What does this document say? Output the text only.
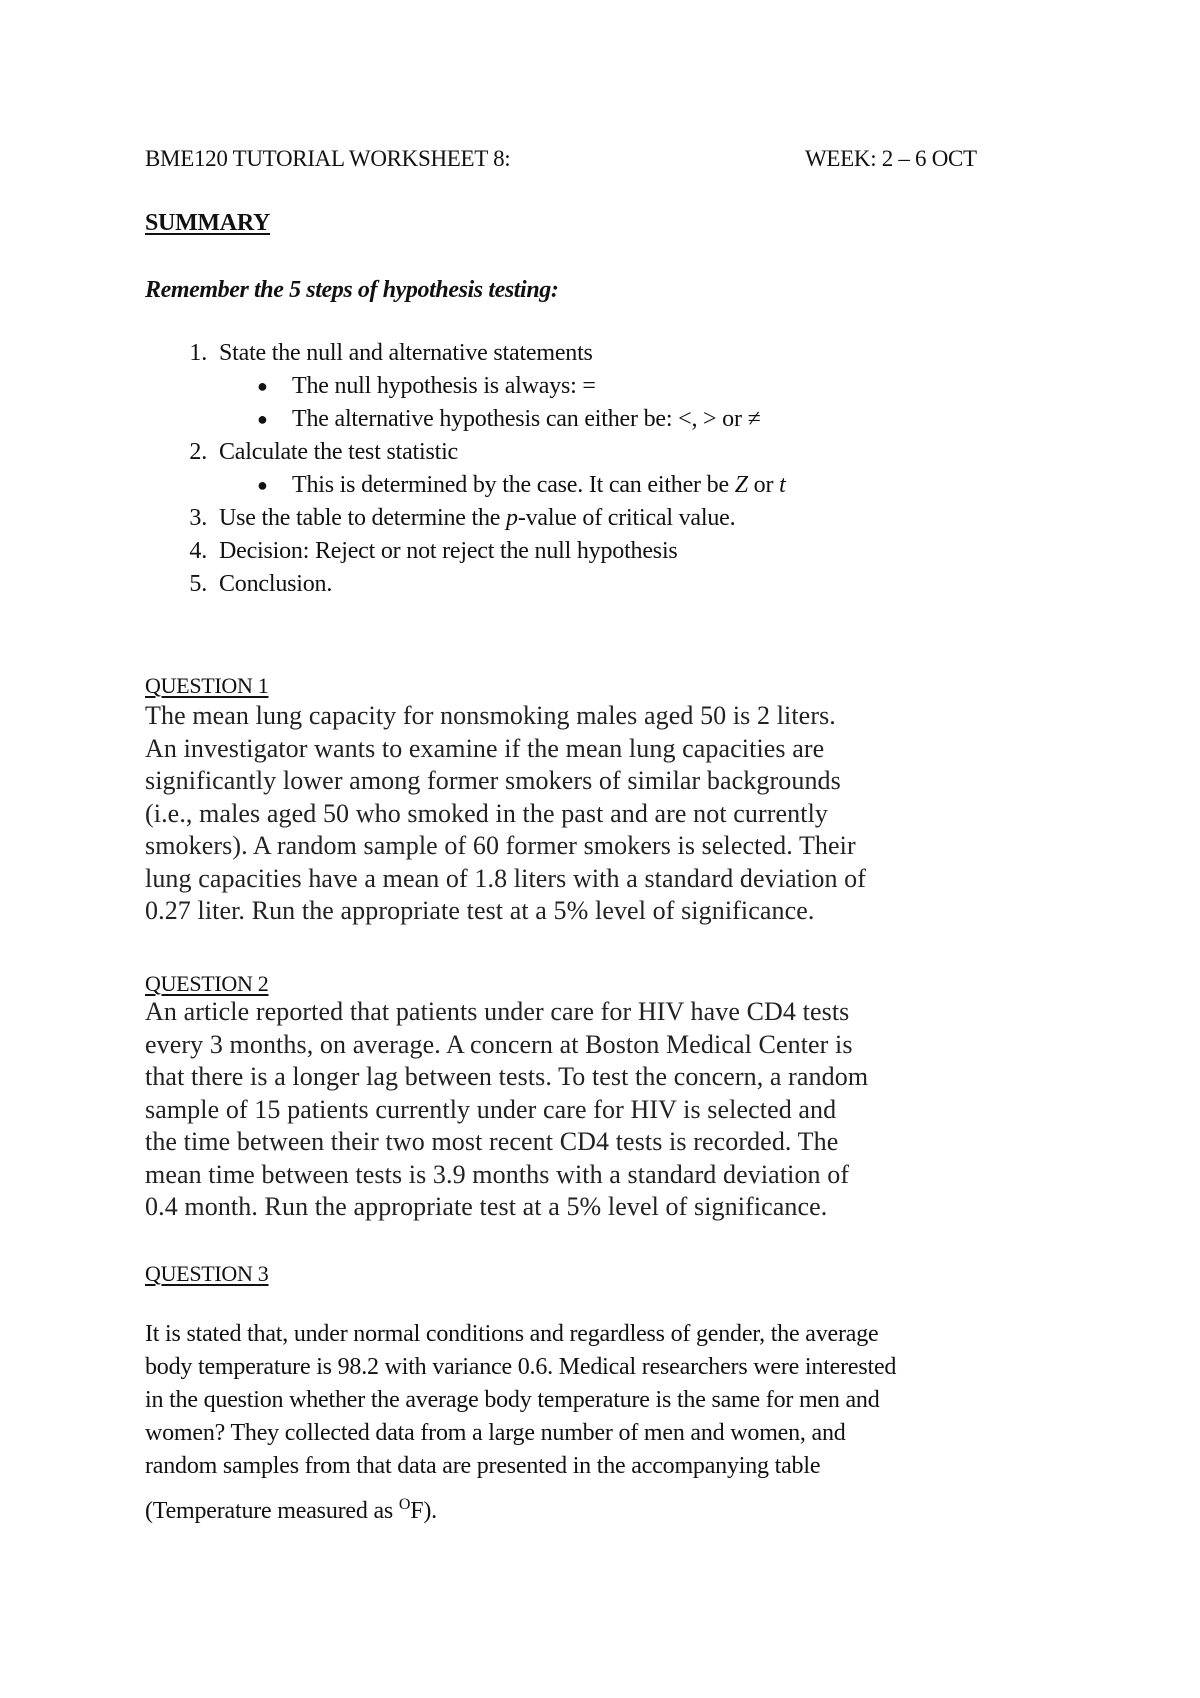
BME120 TUTORIAL WORKSHEET 8:	WEEK: 2 – 6 OCT
SUMMARY
Remember the 5 steps of hypothesis testing:
1. State the null and alternative statements
● The null hypothesis is always: =
● The alternative hypothesis can either be: <, > or ≠
2. Calculate the test statistic
● This is determined by the case. It can either be Z or t
3. Use the table to determine the p-value of critical value.
4. Decision: Reject or not reject the null hypothesis
5. Conclusion.
QUESTION 1
The mean lung capacity for nonsmoking males aged 50 is 2 liters.
An investigator wants to examine if the mean lung capacities are
significantly lower among former smokers of similar backgrounds
(i.e., males aged 50 who smoked in the past and are not currently
smokers). A random sample of 60 former smokers is selected. Their
lung capacities have a mean of 1.8 liters with a standard deviation of
0.27 liter. Run the appropriate test at a 5% level of significance.
QUESTION 2
An article reported that patients under care for HIV have CD4 tests
every 3 months, on average. A concern at Boston Medical Center is
that there is a longer lag between tests. To test the concern, a random
sample of 15 patients currently under care for HIV is selected and
the time between their two most recent CD4 tests is recorded. The
mean time between tests is 3.9 months with a standard deviation of
0.4 month. Run the appropriate test at a 5% level of significance.
QUESTION 3
It is stated that, under normal conditions and regardless of gender, the average
body temperature is 98.2 with variance 0.6. Medical researchers were interested
in the question whether the average body temperature is the same for men and
women? They collected data from a large number of men and women, and
random samples from that data are presented in the accompanying table
(Temperature measured as $^O$F).
